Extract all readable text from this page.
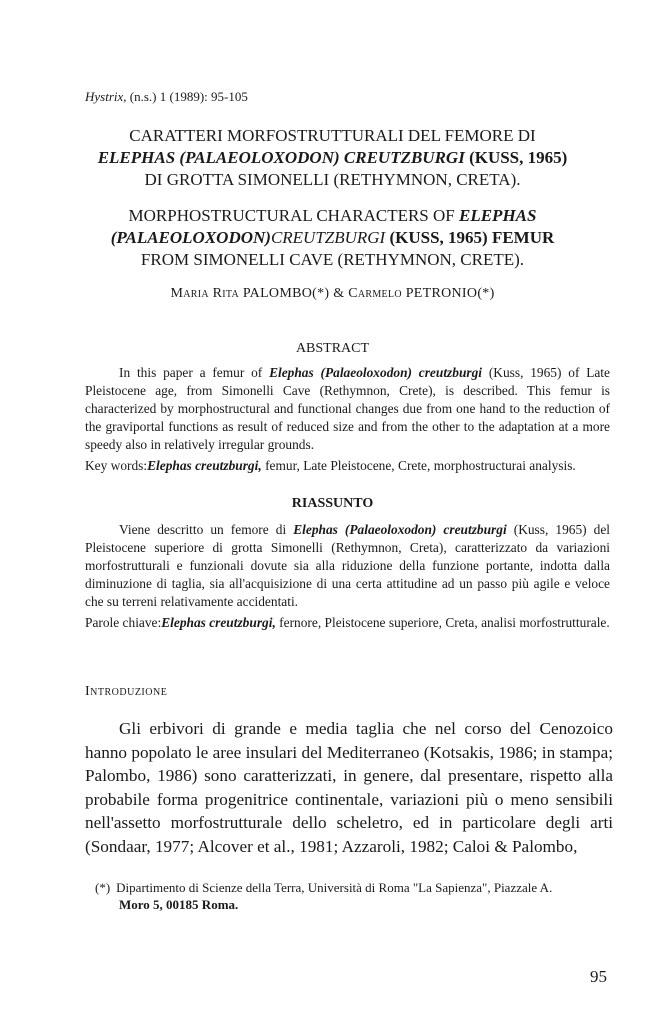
Hystrix, (n.s.) 1 (1989): 95-105
CARATTERI MORFOSTRUTTURALI DEL FEMORE DI
ELEPHAS (PALAEOLOXODON) CREUTZBURGI (KUSS, 1965)
DI GROTTA SIMONELLI (RETHYMNON, CRETA).
MORPHOSTRUCTURAL CHARACTERS OF ELEPHAS
(PALAEOLOXODON)CREUTZBURGI (KUSS, 1965) FEMUR
FROM SIMONELLI CAVE (RETHYMNON, CRETE).
Maria Rita PALOMBO(*) & Carmelo PETRONIO(*)
ABSTRACT

In this paper a femur of Elephas (Palaeoloxodon) creutzburgi (Kuss, 1965) of Late Pleistocene age, from Simonelli Cave (Rethymnon, Crete), is described. This femur is characterized by morphostructural and functional changes due from one hand to the reduction of the graviportal functions as result of reduced size and from the other to the adaptation at a more speedy also in relatively irregular grounds.

Key words:Elephas creutzburgi, femur, Late Pleistocene, Crete, morphostructurai analysis.

RIASSUNTO

Viene descritto un femore di Elephas (Palaeoloxodon) creutzburgi (Kuss, 1965) del Pleistocene superiore di grotta Simonelli (Rethymnon, Creta), caratterizzato da variazioni morfostrutturali e funzionali dovute sia alla riduzione della funzione portante, indotta dalla diminuzione di taglia, sia all'acquisizione di una certa attitudine ad un passo più agile e veloce che su terreni relativamente accidentati.

Parole chiave:Elephas creutzburgi, fernore, Pleistocene superiore, Creta, analisi morfostrutturale.

Introduzione

Gli erbivori di grande e media taglia che nel corso del Cenozoico hanno popolato le aree insulari del Mediterraneo (Kotsakis, 1986; in stampa; Palombo, 1986) sono caratterizzati, in genere, dal presentare, rispetto alla probabile forma progenitrice continentale, variazioni più o meno sensibili nell'assetto morfostrutturale dello scheletro, ed in particolare degli arti (Sondaar, 1977; Alcover et al., 1981; Azzaroli, 1982; Caloi & Palombo,

(*) Dipartimento di Scienze della Terra, Università di Roma "La Sapienza", Piazzale A.
Moro 5, 00185 Roma.
95
